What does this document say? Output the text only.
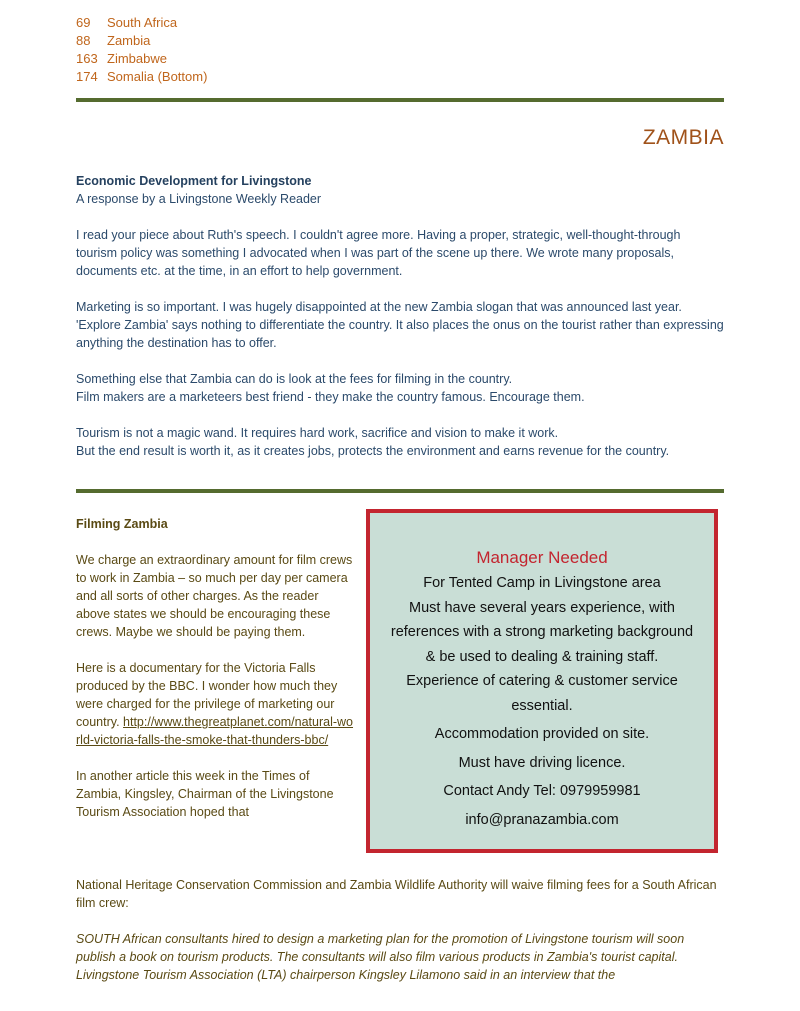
69	South Africa
88	Zambia
163 Zimbabwe
174 Somalia (Bottom)
ZAMBIA
Economic Development for Livingstone

A response by a Livingstone Weekly Reader

I read your piece about Ruth's speech. I couldn't agree more. Having a proper, strategic, well-thought-through tourism policy was something I advocated when I was part of the scene up there. We wrote many proposals, documents etc. at the time, in an effort to help government.

Marketing is so important. I was hugely disappointed at the new Zambia slogan that was announced last year. 'Explore Zambia' says nothing to differentiate the country. It also places the onus on the tourist rather than expressing anything the destination has to offer.

Something else that Zambia can do is look at the fees for filming in the country.
Film makers are a marketeers best friend - they make the country famous. Encourage them.

Tourism is not a magic wand. It requires hard work, sacrifice and vision to make it work.
But the end result is worth it, as it creates jobs, protects the environment and earns revenue for the country.

Filming Zambia

We charge an extraordinary amount for film crews to work in Zambia – so much per day per camera and all sorts of other charges. As the reader above states we should be encouraging these crews. Maybe we should be paying them.

Here is a documentary for the Victoria Falls produced by the BBC. I wonder how much they were charged for the privilege of marketing our country. http://www.thegreatplanet.com/natural-world-victoria-falls-the-smoke-that-thunders-bbc/

In another article this week in the Times of Zambia, Kingsley, Chairman of the Livingstone Tourism Association hoped that

National Heritage Conservation Commission and Zambia Wildlife Authority will waive filming fees for a South African film crew:

SOUTH African consultants hired to design a marketing plan for the promotion of Livingstone tourism will soon publish a book on tourism products. The consultants will also film various products in Zambia's tourist capital. Livingstone Tourism Association (LTA) chairperson Kingsley Lilamono said in an interview that the

Manager Needed
For Tented Camp in Livingstone area
Must have several years experience, with
references with a strong marketing background
& be used to dealing & training staff.
Experience of catering & customer service
essential.
Accommodation provided on site.
Must have driving licence.
Contact Andy Tel: 0979959981
info@pranazambia.com
